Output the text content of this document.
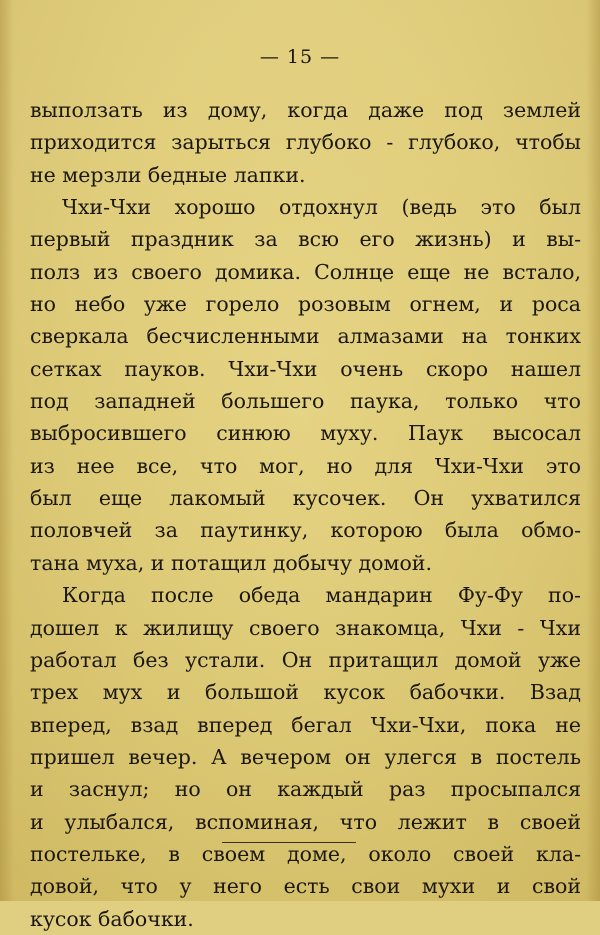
— 15 —
выползать из дому, когда даже под землей
приходится зарыться глубоко - глубоко, чтобы
не мерзли бедные лапки.
Чхи-Чхи хорошо отдохнул (ведь это был
первый праздник за всю его жизнь) и вы-
полз из своего домика. Солнце еще не встало,
но небо уже горело розовым огнем, и роса
сверкала бесчисленными алмазами на тонких
сетках пауков. Чхи-Чхи очень скоро нашел
под западней большего паука, только что
выбросившего синюю муху. Паук высосал
из нее все, что мог, но для Чхи-Чхи это
был еще лакомый кусочек. Он ухватился
половчей за паутинку, которою была обмо-
тана муха, и потащил добычу домой.
Когда после обеда мандарин Фу-Фу по-
дошел к жилищу своего знакомца, Чхи - Чхи
работал без устали. Он притащил домой уже
трех мух и большой кусок бабочки. Взад
вперед, взад вперед бегал Чхи-Чхи, пока не
пришел вечер. А вечером он улегся в постель
и заснул; но он каждый раз просыпался
и улыбался, вспоминая, что лежит в своей
постельке, в своем доме, около своей кла-
довой, что у него есть свои мухи и свой
кусок бабочки.
